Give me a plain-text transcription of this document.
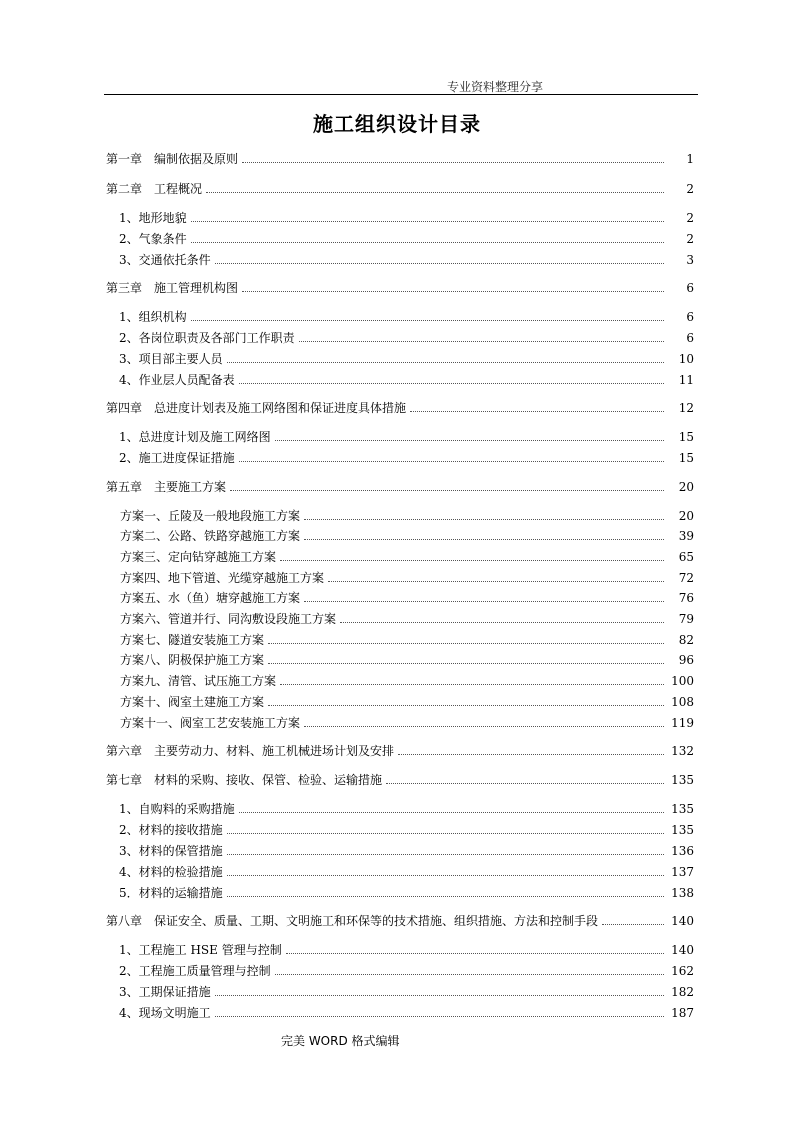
专业资料整理分享
施工组织设计目录
第一章　编制依据及原则	1
第二章　工程概况	2
1、地形地貌	2
2、气象条件	2
3、交通依托条件	3
第三章　施工管理机构图	6
1、组织机构	6
2、各岗位职责及各部门工作职责	6
3、项目部主要人员	10
4、作业层人员配备表	11
第四章　总进度计划表及施工网络图和保证进度具体措施	12
1、总进度计划及施工网络图	15
2、施工进度保证措施	15
第五章　主要施工方案	20
方案一、丘陵及一般地段施工方案	20
方案二、公路、铁路穿越施工方案	39
方案三、定向钻穿越施工方案	65
方案四、地下管道、光缆穿越施工方案	72
方案五、水（鱼）塘穿越施工方案	76
方案六、管道并行、同沟敷设段施工方案	79
方案七、隧道安装施工方案	82
方案八、阴极保护施工方案	96
方案九、清管、试压施工方案	100
方案十、阀室土建施工方案	108
方案十一、阀室工艺安装施工方案	119
第六章　主要劳动力、材料、施工机械进场计划及安排	132
第七章　材料的采购、接收、保管、检验、运输措施	135
1、自购料的采购措施	135
2、材料的接收措施	135
3、材料的保管措施	136
4、材料的检验措施	137
5．材料的运输措施	138
第八章　保证安全、质量、工期、文明施工和环保等的技术措施、组织措施、方法和控制手段	140
1、工程施工 HSE 管理与控制	140
2、工程施工质量管理与控制	162
3、工期保证措施	182
4、现场文明施工	187
完美 WORD 格式编辑
